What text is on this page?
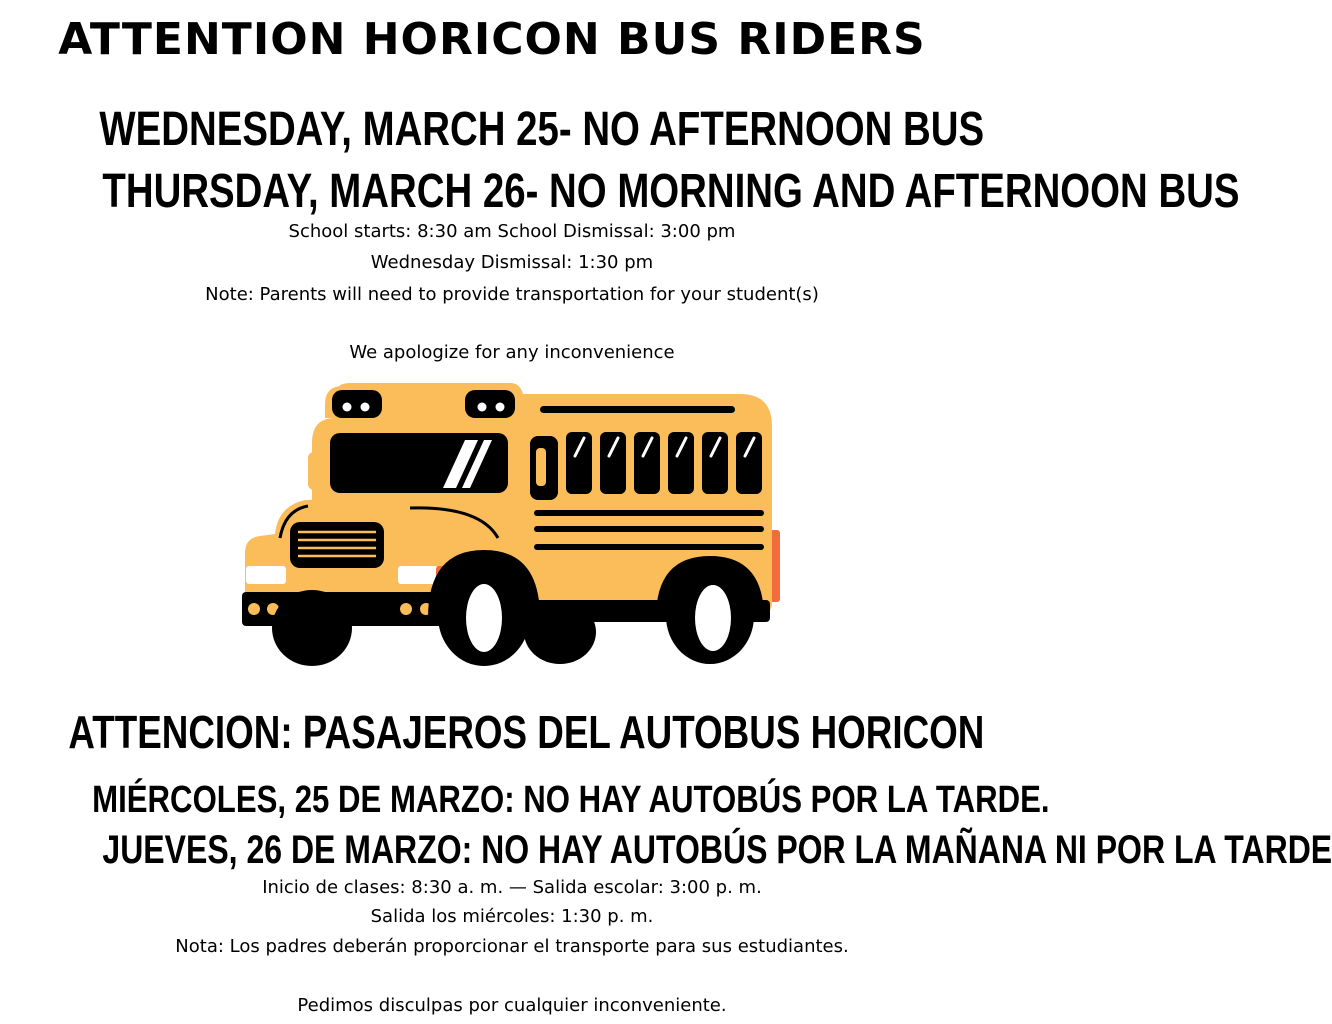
ATTENTION HORICON BUS RIDERS
WEDNESDAY, MARCH 25- NO AFTERNOON BUS
THURSDAY, MARCH 26- NO MORNING AND AFTERNOON BUS
School starts: 8:30 am School Dismissal: 3:00 pm
Wednesday Dismissal: 1:30 pm
Note: Parents will need to provide transportation for your student(s)
We apologize for any inconvenience
ATTENCION: PASAJEROS DEL AUTOBUS HORICON
MIÉRCOLES, 25 DE MARZO: NO HAY AUTOBÚS POR LA TARDE.
JUEVES, 26 DE MARZO: NO HAY AUTOBÚS POR LA MAÑANA NI POR LA TARDE
Inicio de clases: 8:30 a. m. — Salida escolar: 3:00 p. m.
Salida los miércoles: 1:30 p. m.
Nota: Los padres deberán proporcionar el transporte para sus estudiantes.
Pedimos disculpas por cualquier inconveniente.
